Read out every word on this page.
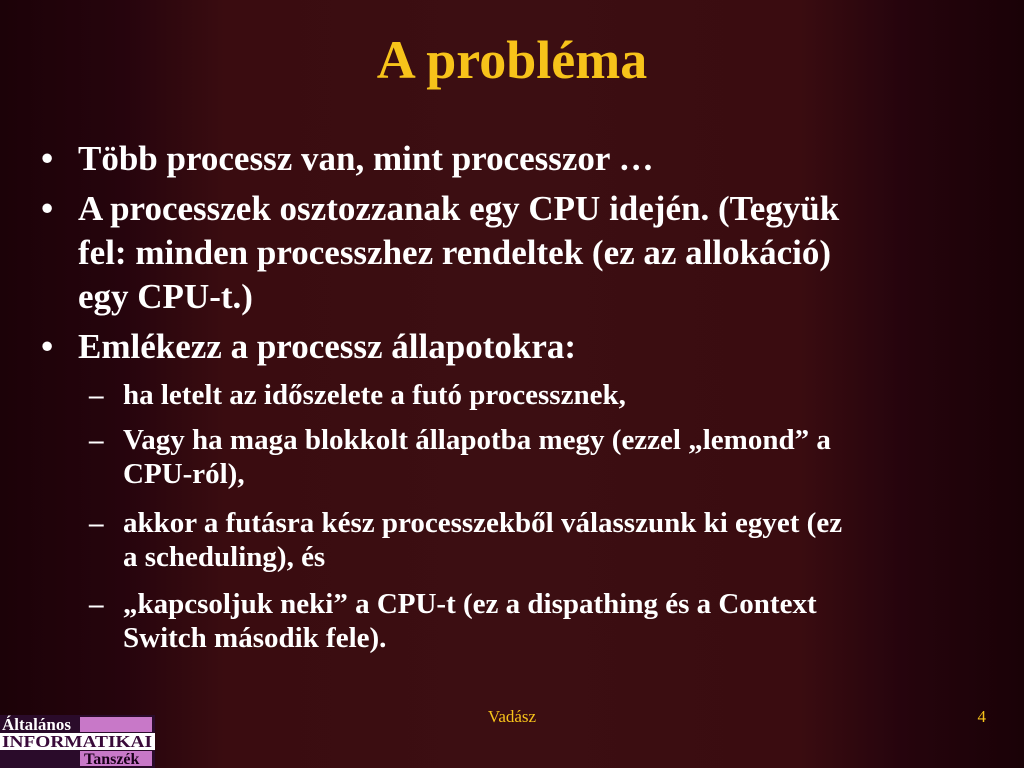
A probléma
• Több processz van, mint processzor …
• A processzek osztozzanak egy CPU idején. (Tegyük
fel: minden processzhez rendeltek (ez az allokáció)
egy CPU-t.)
• Emlékezz a processz állapotokra:
– ha letelt az időszelete a futó processznek,
– Vagy ha maga blokkolt állapotba megy (ezzel „lemond” a
CPU-ról),
– akkor a futásra kész processzekből válasszunk ki egyet (ez
a scheduling), és
– „kapcsoljuk neki” a CPU-t (ez a dispathing és a Context
Switch második fele).
Vadász	4
Általános
INFORMATIKAI
Tanszék
